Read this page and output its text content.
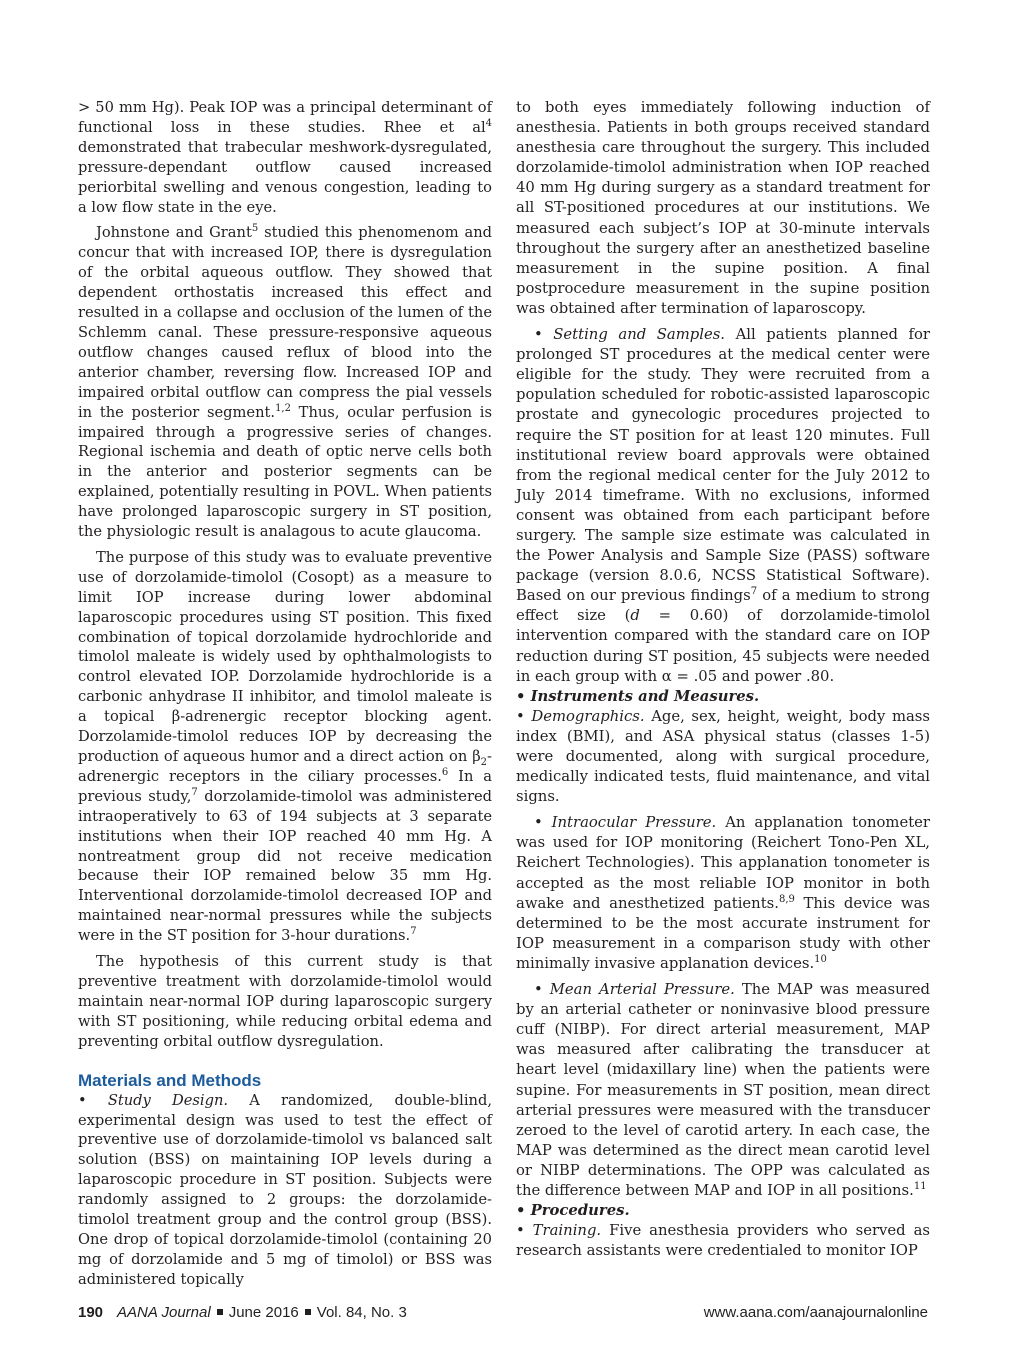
> 50 mm Hg). Peak IOP was a principal determinant of functional loss in these studies. Rhee et $al^4$ demonstrated that trabecular meshwork-dysregulated, pressure-dependant outflow caused increased periorbital swelling and venous congestion, leading to a low flow state in the eye.

Johnstone and Grant$^5$ studied this phenomenom and concur that with increased IOP, there is dysregulation of the orbital aqueous outflow. They showed that dependent orthostatis increased this effect and resulted in a collapse and occlusion of the lumen of the Schlemm canal. These pressure-responsive aqueous outflow changes caused reflux of blood into the anterior chamber, reversing flow. Increased IOP and impaired orbital outflow can compress the pial vessels in the posterior segment.$^{1,2}$ Thus, ocular perfusion is impaired through a progressive series of changes. Regional ischemia and death of optic nerve cells both in the anterior and posterior segments can be explained, potentially resulting in POVL. When patients have prolonged laparoscopic surgery in ST position, the physiologic result is analagous to acute glaucoma.

The purpose of this study was to evaluate preventive use of dorzolamide-timolol (Cosopt) as a measure to limit IOP increase during lower abdominal laparoscopic procedures using ST position. This fixed combination of topical dorzolamide hydrochloride and timolol maleate is widely used by ophthalmologists to control elevated IOP. Dorzolamide hydrochloride is a carbonic anhydrase II inhibitor, and timolol maleate is a topical β-adrenergic receptor blocking agent. Dorzolamide-timolol reduces IOP by decreasing the production of aqueous humor and a direct action on $\beta_2$-adrenergic receptors in the ciliary processes.$^6$ In a previous study,$^7$ dorzolamide-timolol was administered intraoperatively to 63 of 194 subjects at 3 separate institutions when their IOP reached 40 mm Hg. A nontreatment group did not receive medication because their IOP remained below 35 mm Hg. Interventional dorzolamide-timolol decreased IOP and maintained near-normal pressures while the subjects were in the ST position for 3-hour durations.$^7$

The hypothesis of this current study is that preventive treatment with dorzolamide-timolol would maintain near-normal IOP during laparoscopic surgery with ST positioning, while reducing orbital edema and preventing orbital outflow dysregulation.

Materials and Methods

• Study Design. A randomized, double-blind, experimental design was used to test the effect of preventive use of dorzolamide-timolol vs balanced salt solution (BSS) on maintaining IOP levels during a laparoscopic procedure in ST position. Subjects were randomly assigned to 2 groups: the dorzolamide-timolol treatment group and the control group (BSS). One drop of topical dorzolamide-timolol (containing 20 mg of dorzolamide and 5 mg of timolol) or BSS was administered topically

to both eyes immediately following induction of anesthesia. Patients in both groups received standard anesthesia care throughout the surgery. This included dorzolamide-timolol administration when IOP reached 40 mm Hg during surgery as a standard treatment for all ST-positioned procedures at our institutions. We measured each subject’s IOP at 30-minute intervals throughout the surgery after an anesthetized baseline measurement in the supine position. A final postprocedure measurement in the supine position was obtained after termination of laparoscopy.

• Setting and Samples. All patients planned for prolonged ST procedures at the medical center were eligible for the study. They were recruited from a population scheduled for robotic-assisted laparoscopic prostate and gynecologic procedures projected to require the ST position for at least 120 minutes. Full institutional review board approvals were obtained from the regional medical center for the July 2012 to July 2014 timeframe. With no exclusions, informed consent was obtained from each participant before surgery. The sample size estimate was calculated in the Power Analysis and Sample Size (PASS) software package (version 8.0.6, NCSS Statistical Software). Based on our previous findings$^7$ of a medium to strong effect size (d = 0.60) of dorzolamide-timolol intervention compared with the standard care on IOP reduction during ST position, 45 subjects were needed in each group with α = .05 and power .80.

• Instruments and Measures.

• Demographics. Age, sex, height, weight, body mass index (BMI), and ASA physical status (classes 1-5) were documented, along with surgical procedure, medically indicated tests, fluid maintenance, and vital signs.

• Intraocular Pressure. An applanation tonometer was used for IOP monitoring (Reichert Tono-Pen XL, Reichert Technologies). This applanation tonometer is accepted as the most reliable IOP monitor in both awake and anesthetized patients.$^{8,9}$ This device was determined to be the most accurate instrument for IOP measurement in a comparison study with other minimally invasive applanation devices.$^{10}$

• Mean Arterial Pressure. The MAP was measured by an arterial catheter or noninvasive blood pressure cuff (NIBP). For direct arterial measurement, MAP was measured after calibrating the transducer at heart level (midaxillary line) when the patients were supine. For measurements in ST position, mean direct arterial pressures were measured with the transducer zeroed to the level of carotid artery. In each case, the MAP was determined as the direct mean carotid level or NIBP determinations. The OPP was calculated as the difference between MAP and IOP in all positions.$^{11}$

• Procedures.

• Training. Five anesthesia providers who served as research assistants were credentialed to monitor IOP

190 AANA Journal June 2016 Vol. 84, No. 3	www.aana.com/aanajournalonline
